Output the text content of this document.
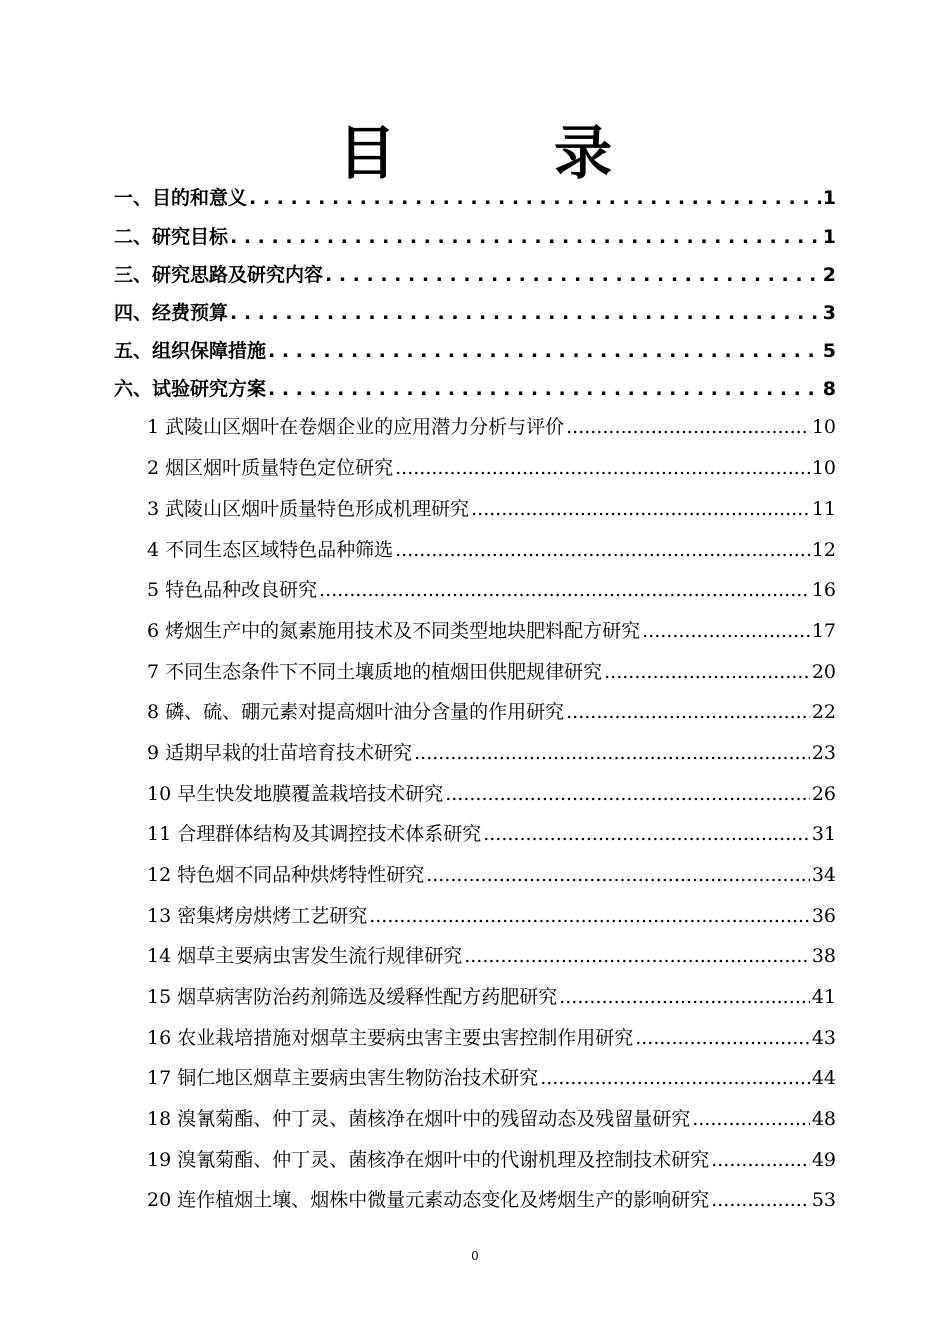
目　录
一、目的和意义 . . .	1
二、研究目标 . . .	1
三、研究思路及研究内容 . . .	2
四、经费预算 . . .	3
五、组织保障措施 . . .	5
六、试验研究方案 . . .	8
1 武陵山区烟叶在卷烟企业的应用潜力分析与评价 .....	10
2 烟区烟叶质量特色定位研究 .....	10
3 武陵山区烟叶质量特色形成机理研究 .....	11
4 不同生态区域特色品种筛选 .....	12
5 特色品种改良研究 .....	16
6 烤烟生产中的氮素施用技术及不同类型地块肥料配方研究 .....	17
7 不同生态条件下不同土壤质地的植烟田供肥规律研究 .....	20
8 磷、硫、硼元素对提高烟叶油分含量的作用研究 .....	22
9 适期早栽的壮苗培育技术研究 .....	23
10 早生快发地膜覆盖栽培技术研究 .....	26
11 合理群体结构及其调控技术体系研究 .....	31
12 特色烟不同品种烘烤特性研究 .....	34
13 密集烤房烘烤工艺研究 .....	36
14 烟草主要病虫害发生流行规律研究 .....	38
15 烟草病害防治药剂筛选及缓释性配方药肥研究 .....	41
16 农业栽培措施对烟草主要病虫害主要虫害控制作用研究 .....	43
17 铜仁地区烟草主要病虫害生物防治技术研究 .....	44
18 溴氰菊酯、仲丁灵、菌核净在烟叶中的残留动态及残留量研究 .....	48
19 溴氰菊酯、仲丁灵、菌核净在烟叶中的代谢机理及控制技术研究 .....	49
20 连作植烟土壤、烟株中微量元素动态变化及烤烟生产的影响研究 .....	53
0
